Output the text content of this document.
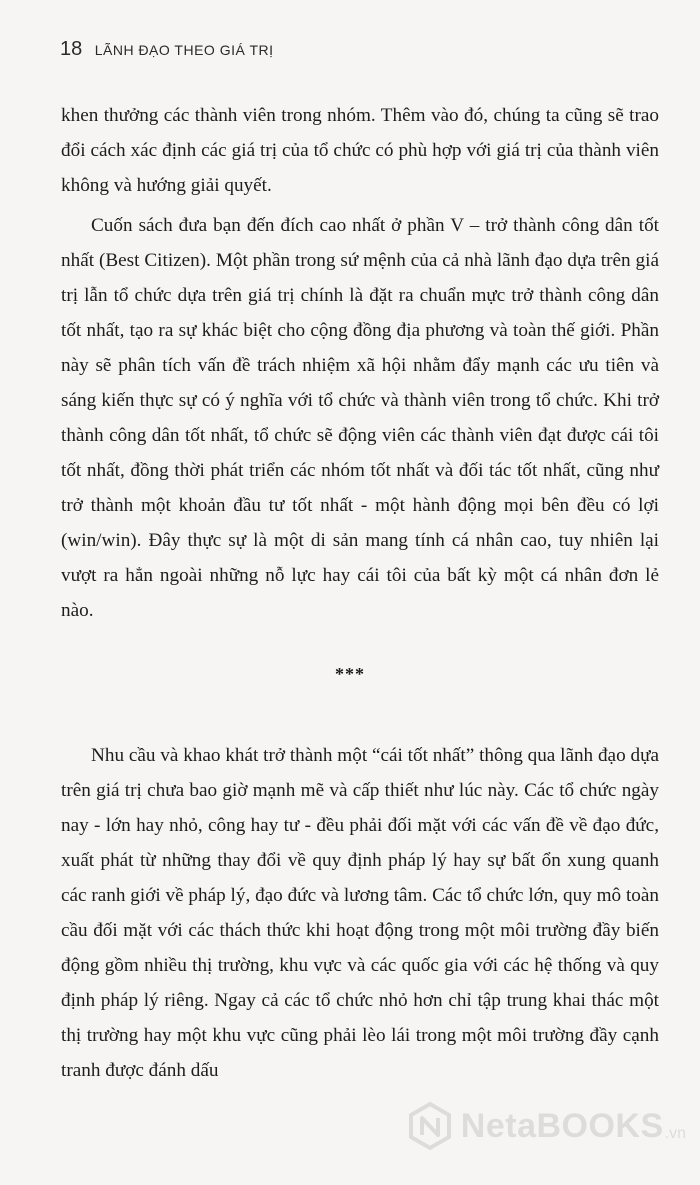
18 LÃNH ĐẠO THEO GIÁ TRỊ

khen thưởng các thành viên trong nhóm. Thêm vào đó, chúng ta cũng sẽ trao đổi cách xác định các giá trị của tổ chức có phù hợp với giá trị của thành viên không và hướng giải quyết.

Cuốn sách đưa bạn đến đích cao nhất ở phần V – trở thành công dân tốt nhất (Best Citizen). Một phần trong sứ mệnh của cả nhà lãnh đạo dựa trên giá trị lẫn tổ chức dựa trên giá trị chính là đặt ra chuẩn mực trở thành công dân tốt nhất, tạo ra sự khác biệt cho cộng đồng địa phương và toàn thế giới. Phần này sẽ phân tích vấn đề trách nhiệm xã hội nhằm đẩy mạnh các ưu tiên và sáng kiến thực sự có ý nghĩa với tổ chức và thành viên trong tổ chức. Khi trở thành công dân tốt nhất, tổ chức sẽ động viên các thành viên đạt được cái tôi tốt nhất, đồng thời phát triển các nhóm tốt nhất và đối tác tốt nhất, cũng như trở thành một khoản đầu tư tốt nhất - một hành động mọi bên đều có lợi (win/win). Đây thực sự là một di sản mang tính cá nhân cao, tuy nhiên lại vượt ra hẳn ngoài những nỗ lực hay cái tôi của bất kỳ một cá nhân đơn lẻ nào.

***

Nhu cầu và khao khát trở thành một “cái tốt nhất” thông qua lãnh đạo dựa trên giá trị chưa bao giờ mạnh mẽ và cấp thiết như lúc này. Các tổ chức ngày nay - lớn hay nhỏ, công hay tư - đều phải đối mặt với các vấn đề về đạo đức, xuất phát từ những thay đổi về quy định pháp lý hay sự bất ổn xung quanh các ranh giới về pháp lý, đạo đức và lương tâm. Các tổ chức lớn, quy mô toàn cầu đối mặt với các thách thức khi hoạt động trong một môi trường đầy biến động gồm nhiều thị trường, khu vực và các quốc gia với các hệ thống và quy định pháp lý riêng. Ngay cả các tổ chức nhỏ hơn chỉ tập trung khai thác một thị trường hay một khu vực cũng phải lèo lái trong một môi trường đầy cạnh tranh được đánh dấu

NetaBOOKS .vn
